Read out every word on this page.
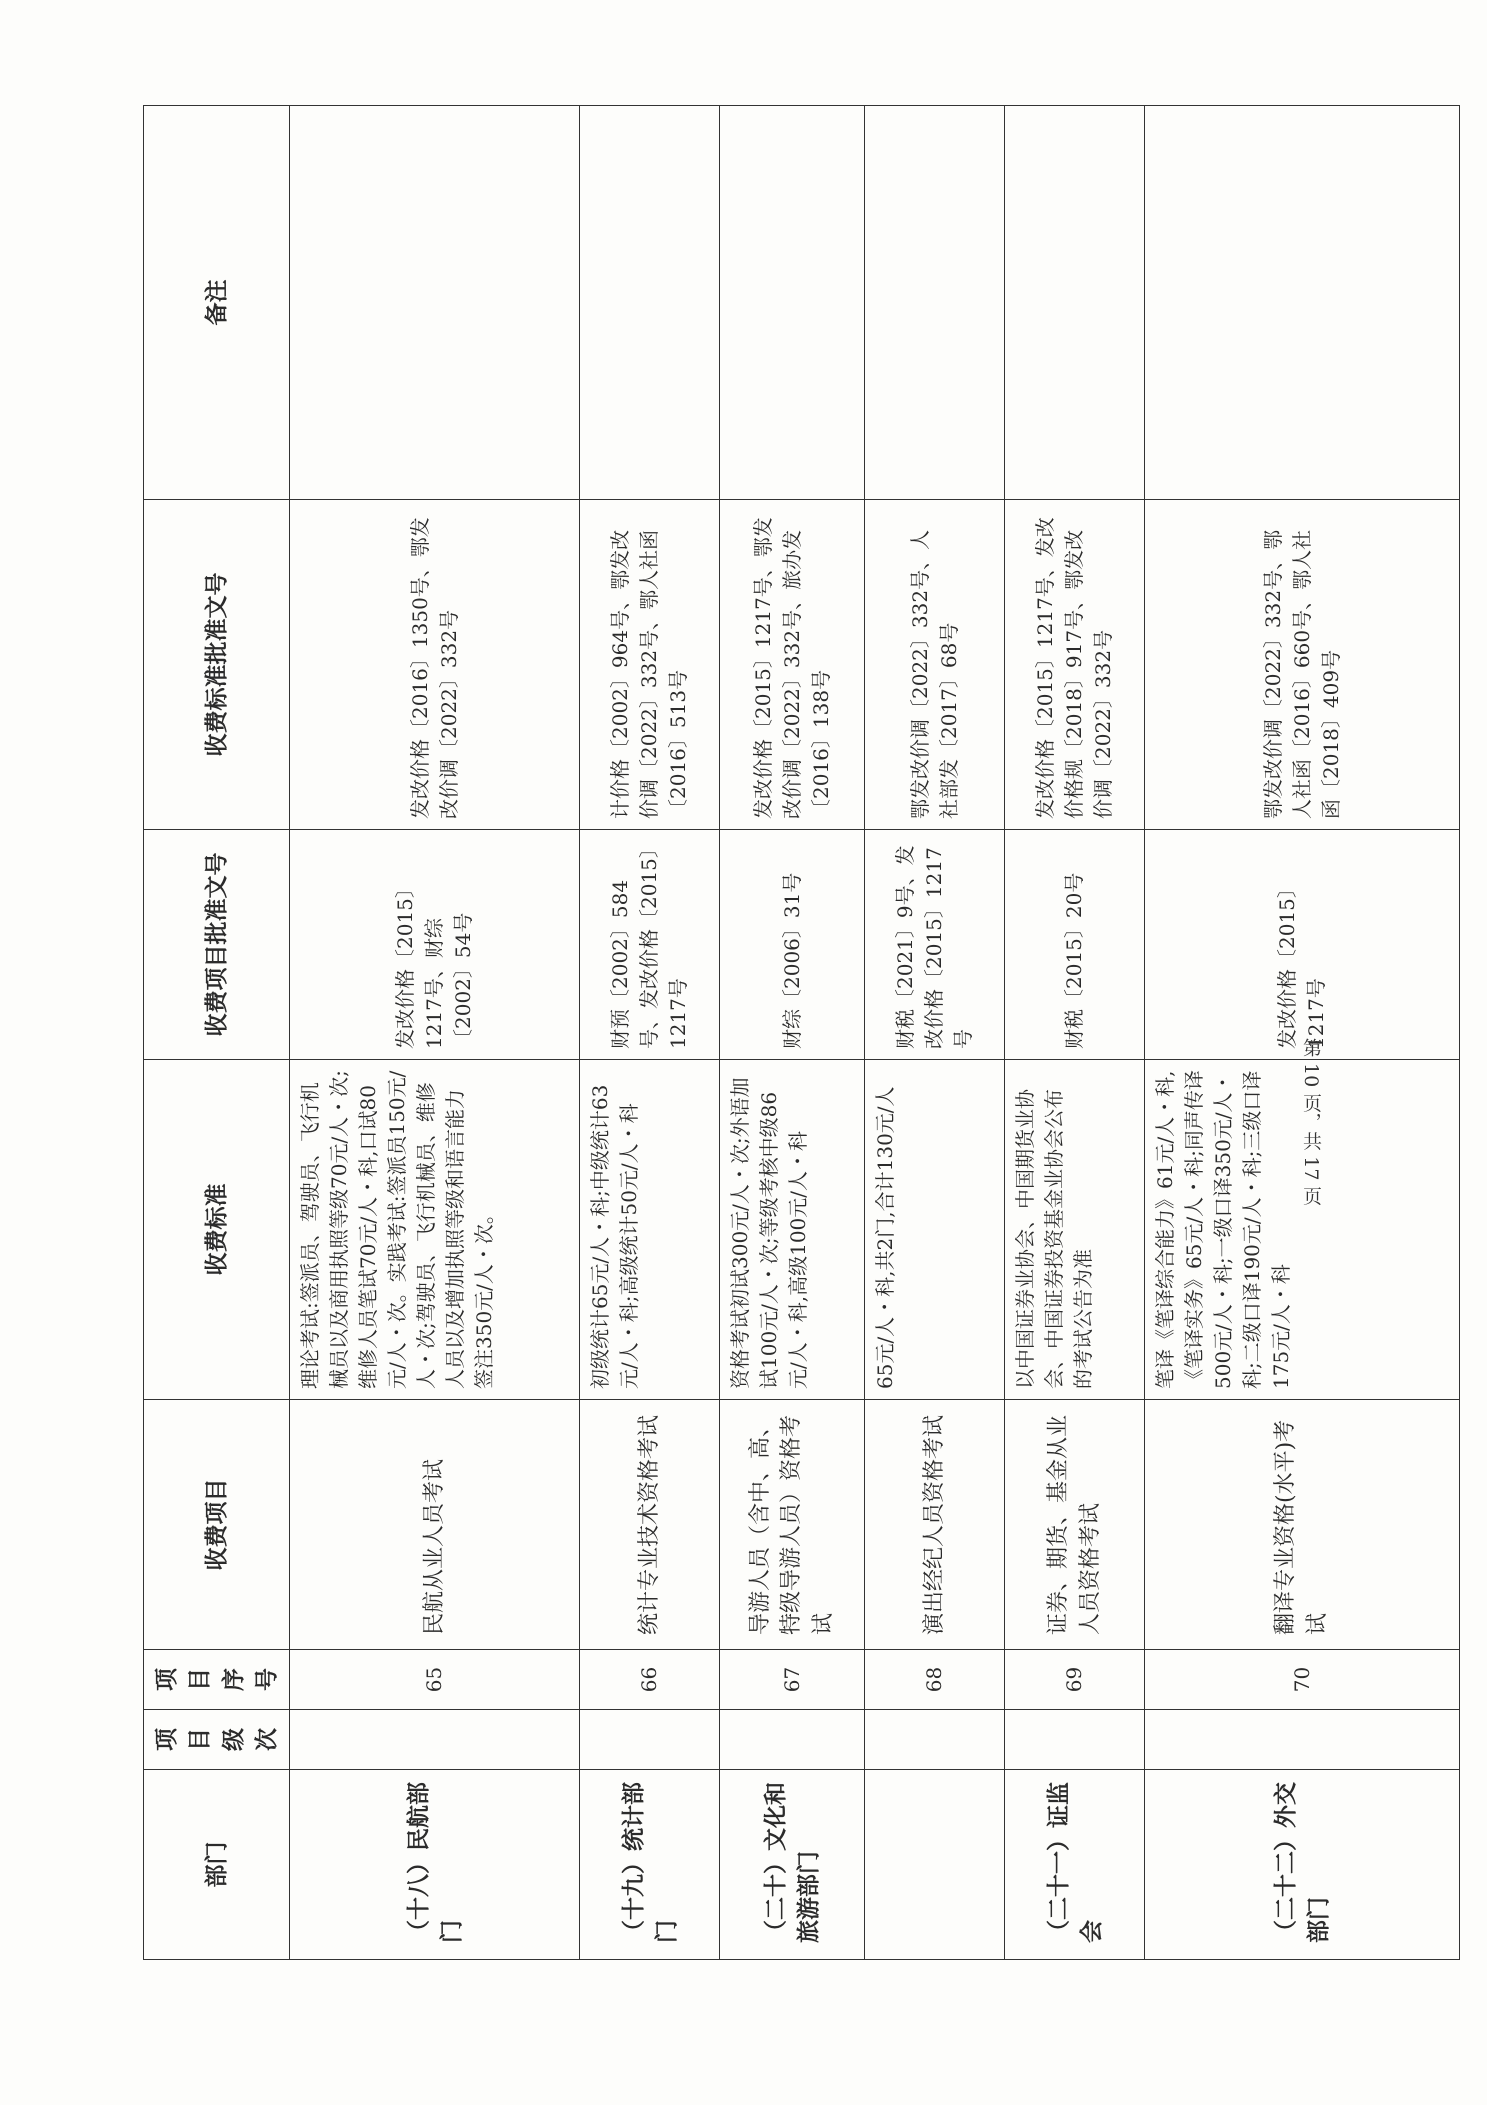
部门	项目级次	项目序号	收费项目	收费标准	收费项目批准文号	收费标准批准文号	备注
（十八）民航部门		65	民航从业人员考试	理论考试:签派员、驾驶员、飞行机械员以及商用执照等级70元/人・次;维修人员笔试70元/人・科,口试80元/人・次。实践考试:签派员150元/人・次;驾驶员、飞行机械员、维修人员以及增加执照等级和语言能力签注350元/人・次。	发改价格〔2015〕1217号、财综〔2002〕54号	发改价格〔2016〕1350号、鄂发改价调〔2022〕332号	
（十九）统计部门		66	统计专业技术资格考试	初级统计65元/人・科;中级统计63元/人・科;高级统计50元/人・科	财预〔2002〕584号、发改价格〔2015〕1217号	计价格〔2002〕964号、鄂发改价调〔2022〕332号、鄂人社函〔2016〕513号	
（二十）文化和旅游部门		67	导游人员（含中、高、特级导游人员）资格考试	资格考试初试300元/人・次;外语加试100元/人・次;等级考核中级86元/人・科,高级100元/人・科	财综〔2006〕31号	发改价格〔2015〕1217号、鄂发改价调〔2022〕332号、旅办发〔2016〕138号	
		68	演出经纪人员资格考试	65元/人・科,共2门,合计130元/人	财税〔2021〕9号、发改价格〔2015〕1217号	鄂发改价调〔2022〕332号、人社部发〔2017〕68号	
（二十一）证监会		69	证券、期货、基金从业人员资格考试	以中国证券业协会、中国期货业协会、中国证券投资基金业协会公布的考试公告为准	财税〔2015〕20号	发改价格〔2015〕1217号、发改价格规〔2018〕917号、鄂发改价调〔2022〕332号	
（二十二）外交部门		70	翻译专业资格(水平)考试	笔译《笔译综合能力》61元/人・科,《笔译实务》65元/人・科;同声传译500元/人・科;一级口译350元/人・科;二级口译190元/人・科;三级口译175元/人・科	发改价格〔2015〕1217号	鄂发改价调〔2022〕332号、鄂人社函〔2016〕660号、鄂人社函〔2018〕409号	
第 10 页，共 17 页
